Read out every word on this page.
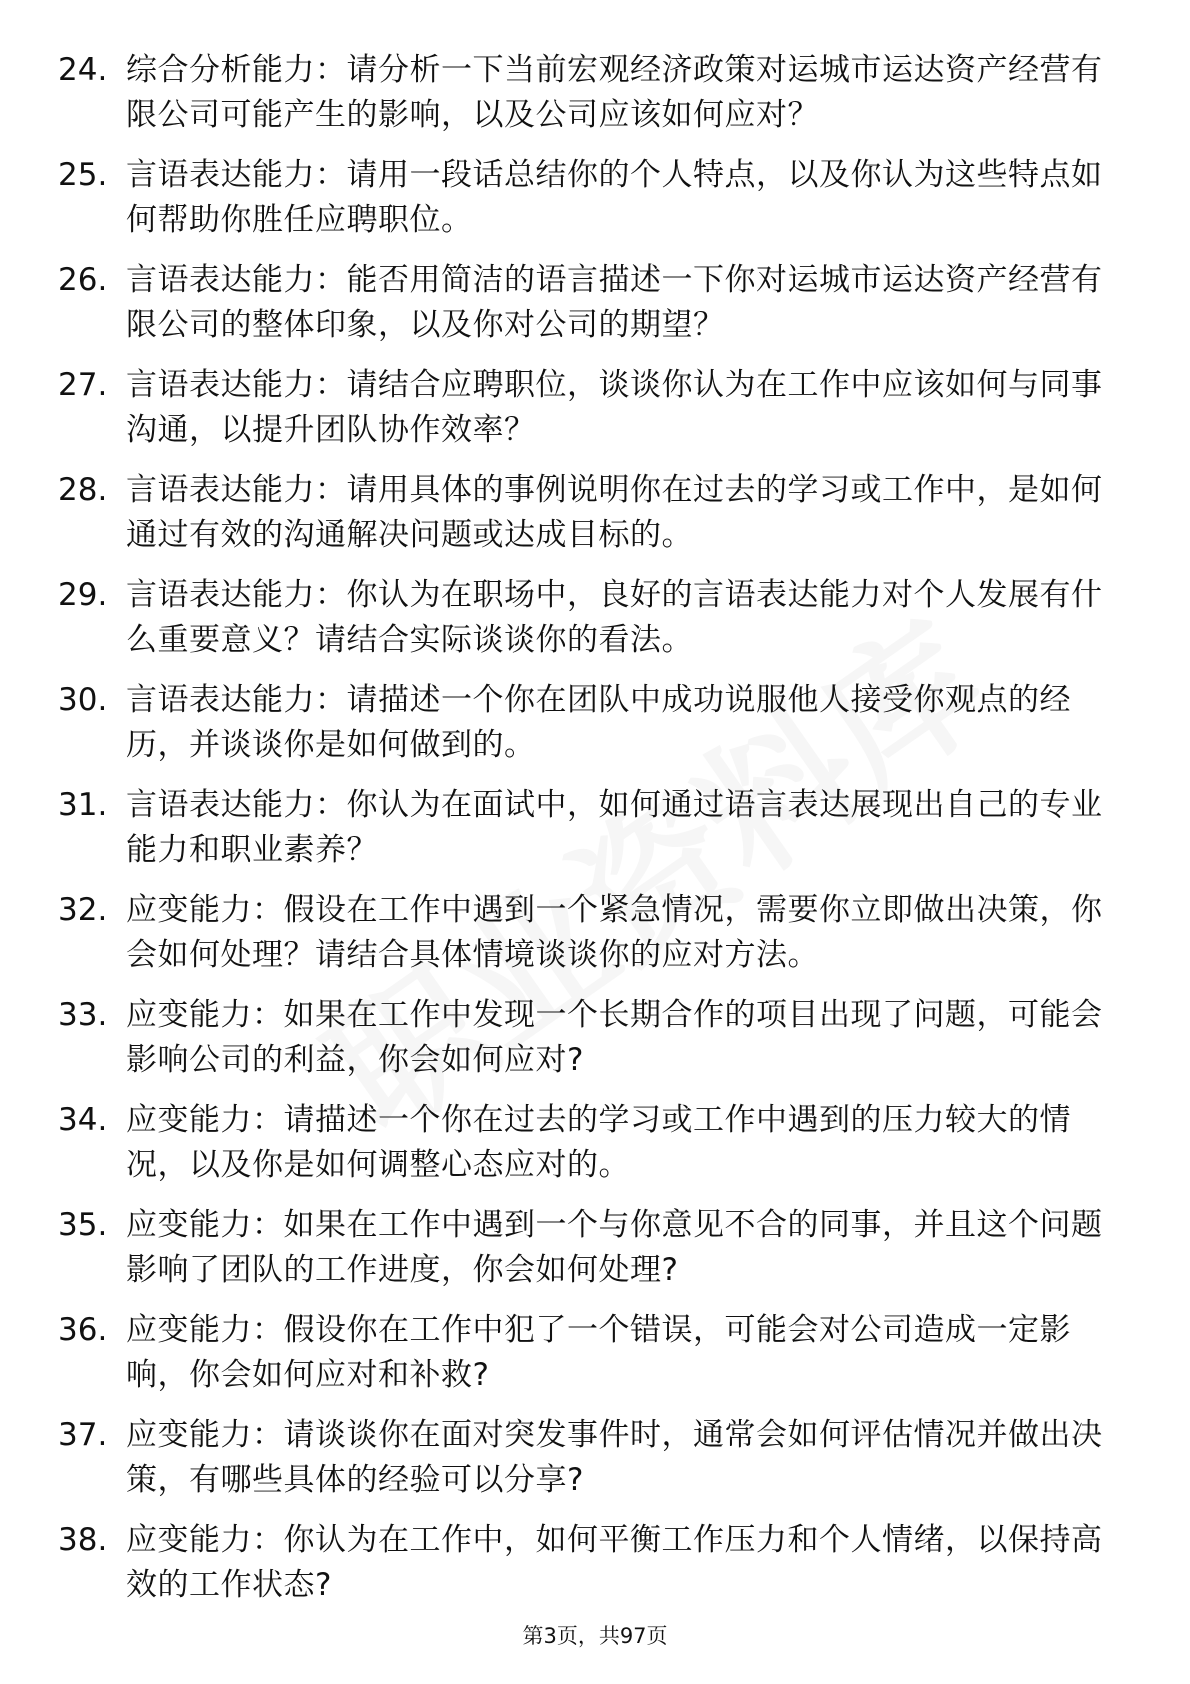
24. 综合分析能力：请分析一下当前宏观经济政策对运城市运达资产经营有限公司可能产生的影响，以及公司应该如何应对？
25. 言语表达能力：请用一段话总结你的个人特点，以及你认为这些特点如何帮助你胜任应聘职位。
26. 言语表达能力：能否用简洁的语言描述一下你对运城市运达资产经营有限公司的整体印象，以及你对公司的期望？
27. 言语表达能力：请结合应聘职位，谈谈你认为在工作中应该如何与同事沟通，以提升团队协作效率？
28. 言语表达能力：请用具体的事例说明你在过去的学习或工作中，是如何通过有效的沟通解决问题或达成目标的。
29. 言语表达能力：你认为在职场中，良好的言语表达能力对个人发展有什么重要意义？请结合实际谈谈你的看法。
30. 言语表达能力：请描述一个你在团队中成功说服他人接受你观点的经历，并谈谈你是如何做到的。
31. 言语表达能力：你认为在面试中，如何通过语言表达展现出自己的专业能力和职业素养？
32. 应变能力：假设在工作中遇到一个紧急情况，需要你立即做出决策，你会如何处理？请结合具体情境谈谈你的应对方法。
33. 应变能力：如果在工作中发现一个长期合作的项目出现了问题，可能会影响公司的利益，你会如何应对?
34. 应变能力：请描述一个你在过去的学习或工作中遇到的压力较大的情况，以及你是如何调整心态应对的。
35. 应变能力：如果在工作中遇到一个与你意见不合的同事，并且这个问题影响了团队的工作进度，你会如何处理?
36. 应变能力：假设你在工作中犯了一个错误，可能会对公司造成一定影响，你会如何应对和补救?
37. 应变能力：请谈谈你在面对突发事件时，通常会如何评估情况并做出决策，有哪些具体的经验可以分享?
38. 应变能力：你认为在工作中，如何平衡工作压力和个人情绪，以保持高效的工作状态?
第3页，共97页
